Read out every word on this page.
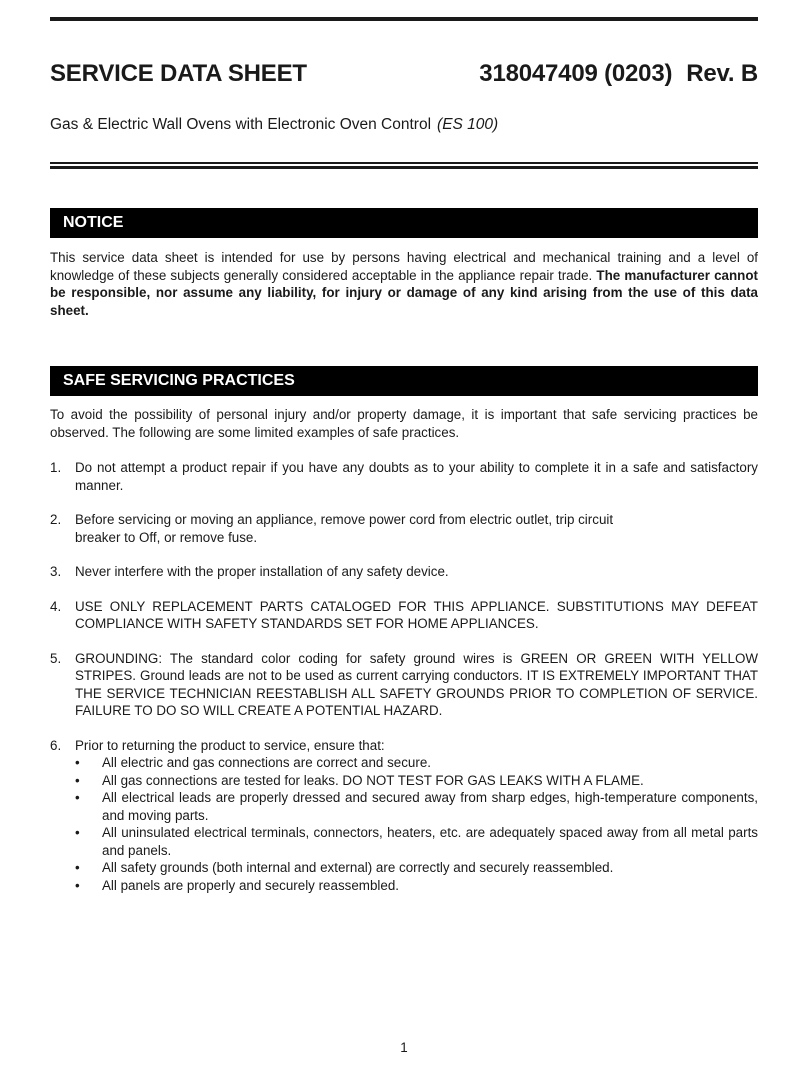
SERVICE DATA SHEET	318047409 (0203) Rev. B
Gas & Electric Wall Ovens with Electronic Oven Control (ES 100)
NOTICE
This service data sheet is intended for use by persons having electrical and mechanical training and a level of knowledge of these subjects generally considered acceptable in the appliance repair trade. The manufacturer cannot be responsible, nor assume any liability, for injury or damage of any kind arising from the use of this data sheet.
SAFE SERVICING PRACTICES
To avoid the possibility of personal injury and/or property damage, it is important that safe servicing practices be observed. The following are some limited examples of safe practices.
1. Do not attempt a product repair if you have any doubts as to your ability to complete it in a safe and satisfactory manner.
2. Before servicing or moving an appliance, remove power cord from electric outlet, trip circuit
breaker to Off, or remove fuse.
3. Never interfere with the proper installation of any safety device.
4. USE ONLY REPLACEMENT PARTS CATALOGED FOR THIS APPLIANCE. SUBSTITUTIONS MAY DEFEAT COMPLIANCE WITH SAFETY STANDARDS SET FOR HOME APPLIANCES.
5. GROUNDING: The standard color coding for safety ground wires is GREEN OR GREEN WITH YELLOW STRIPES. Ground leads are not to be used as current carrying conductors. IT IS EXTREMELY IMPORTANT THAT THE SERVICE TECHNICIAN REESTABLISH ALL SAFETY GROUNDS PRIOR TO COMPLETION OF SERVICE. FAILURE TO DO SO WILL CREATE A POTENTIAL HAZARD.
6. Prior to returning the product to service, ensure that:
• All electric and gas connections are correct and secure.
• All gas connections are tested for leaks. DO NOT TEST FOR GAS LEAKS WITH A FLAME.
• All electrical leads are properly dressed and secured away from sharp edges, high-temperature components, and moving parts.
• All uninsulated electrical terminals, connectors, heaters, etc. are adequately spaced away from all metal parts and panels.
• All safety grounds (both internal and external) are correctly and securely reassembled.
• All panels are properly and securely reassembled.
1
